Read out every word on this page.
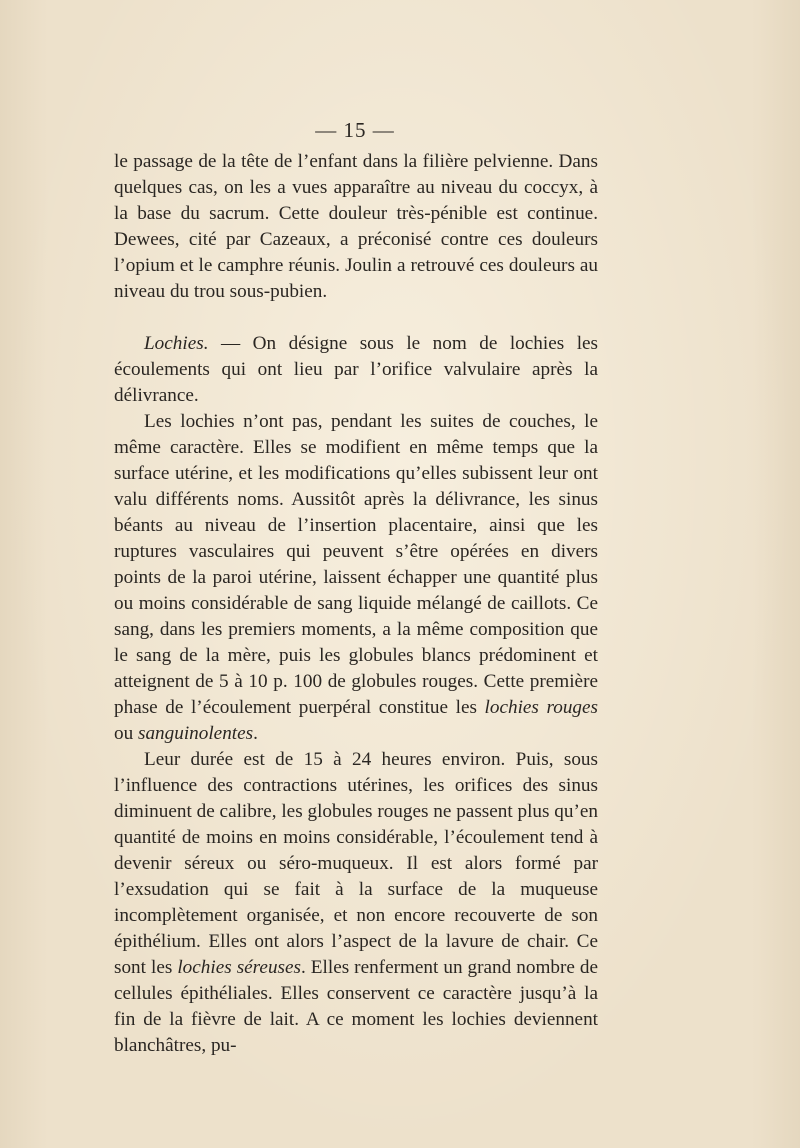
— 15 —

le passage de la tête de l’enfant dans la filière pelvienne. Dans quelques cas, on les a vues apparaître au niveau du coccyx, à la base du sacrum. Cette douleur très-pénible est continue. Dewees, cité par Cazeaux, a préconisé contre ces douleurs l’opium et le camphre réunis. Joulin a retrouvé ces douleurs au niveau du trou sous-pubien.

Lochies. — On désigne sous le nom de lochies les écoulements qui ont lieu par l’orifice valvulaire après la délivrance.

Les lochies n’ont pas, pendant les suites de couches, le même caractère. Elles se modifient en même temps que la surface utérine, et les modifications qu’elles subissent leur ont valu différents noms. Aussitôt après la délivrance, les sinus béants au niveau de l’insertion placentaire, ainsi que les ruptures vasculaires qui peuvent s’être opérées en divers points de la paroi utérine, laissent échapper une quantité plus ou moins considérable de sang liquide mélangé de caillots. Ce sang, dans les premiers moments, a la même composition que le sang de la mère, puis les globules blancs prédominent et atteignent de 5 à 10 p. 100 de globules rouges. Cette première phase de l’écoulement puerpéral constitue les lochies rouges ou sanguinolentes.

Leur durée est de 15 à 24 heures environ. Puis, sous l’influence des contractions utérines, les orifices des sinus diminuent de calibre, les globules rouges ne passent plus qu’en quantité de moins en moins considérable, l’écoulement tend à devenir séreux ou séro-muqueux. Il est alors formé par l’exsudation qui se fait à la surface de la muqueuse incomplètement organisée, et non encore recouverte de son épithélium. Elles ont alors l’aspect de la lavure de chair. Ce sont les lochies séreuses. Elles renferment un grand nombre de cellules épithéliales. Elles conservent ce caractère jusqu’à la fin de la fièvre de lait. A ce moment les lochies deviennent blanchâtres, pu-
